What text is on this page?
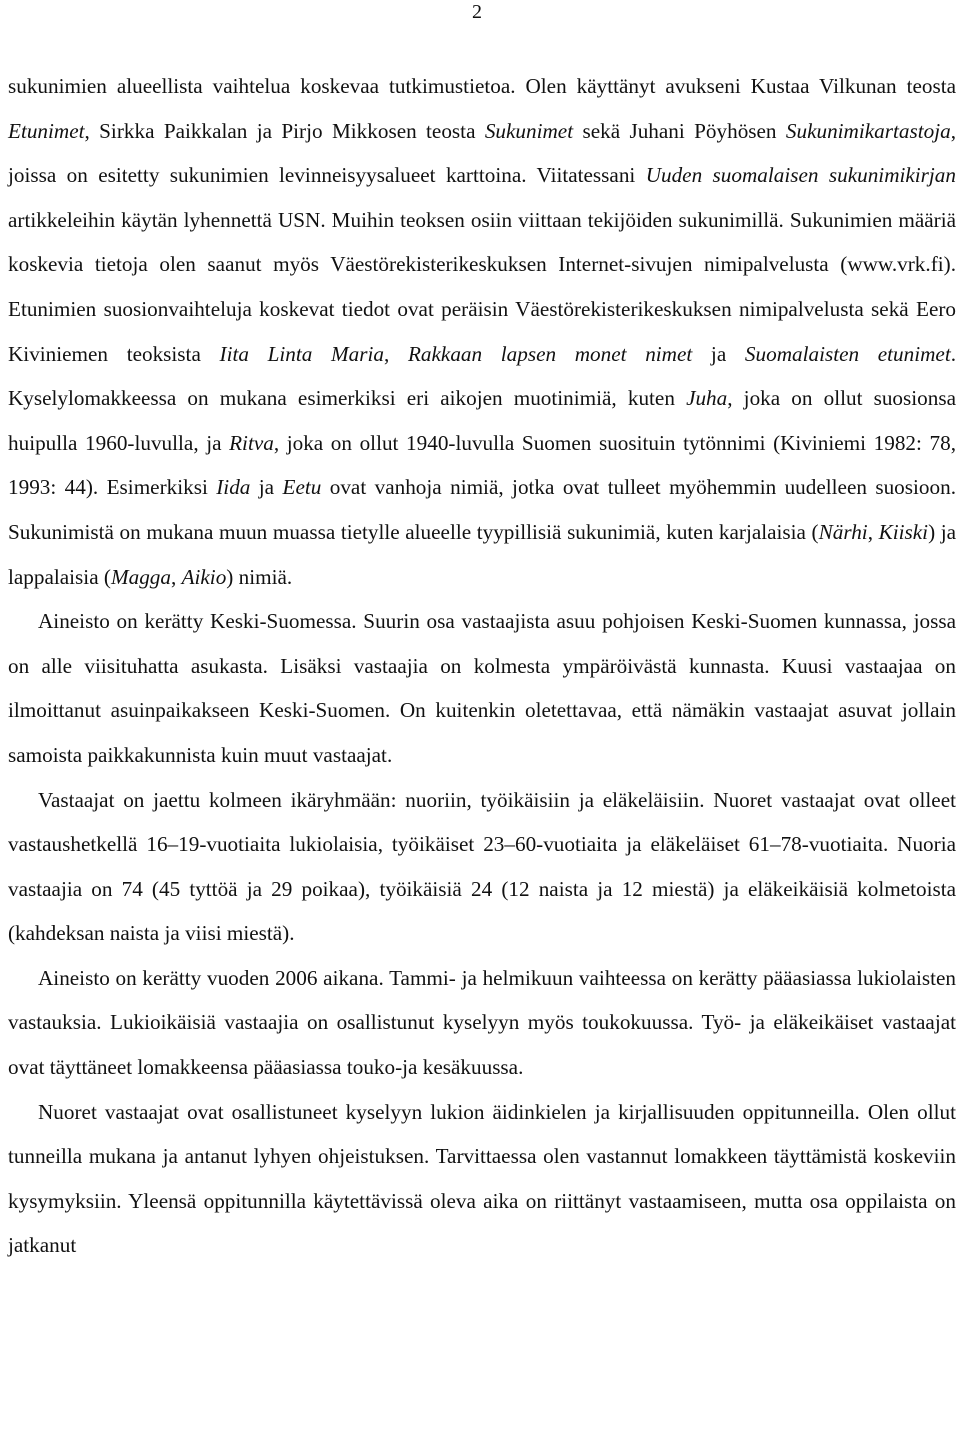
2

sukunimien alueellista vaihtelua koskevaa tutkimustietoa. Olen käyttänyt avukseni Kustaa Vilkunan teosta Etunimet, Sirkka Paikkalan ja Pirjo Mikkosen teosta Sukunimet sekä Juhani Pöyhösen Sukunimikartastoja, joissa on esitetty sukunimien levinneisyysalueet karttoina. Viitatessani Uuden suomalaisen sukunimikirjan artikkeleihin käytän lyhennettä USN. Muihin teoksen osiin viittaan tekijöiden sukunimillä. Sukunimien määriä koskevia tietoja olen saanut myös Väestörekisterikeskuksen Internet-sivujen nimipalvelusta (www.vrk.fi). Etunimien suosionvaihteluja koskevat tiedot ovat peräisin Väestörekisterikeskuksen nimipalvelusta sekä Eero Kiviniemen teoksista Iita Linta Maria, Rakkaan lapsen monet nimet ja Suomalaisten etunimet. Kyselylomakkeessa on mukana esimerkiksi eri aikojen muotinimiä, kuten Juha, joka on ollut suosionsa huipulla 1960-luvulla, ja Ritva, joka on ollut 1940-luvulla Suomen suosituin tytönnimi (Kiviniemi 1982: 78, 1993: 44). Esimerkiksi Iida ja Eetu ovat vanhoja nimiä, jotka ovat tulleet myöhemmin uudelleen suosioon. Sukunimistä on mukana muun muassa tietylle alueelle tyypillisiä sukunimiä, kuten karjalaisia (Närhi, Kiiski) ja lappalaisia (Magga, Aikio) nimiä.

Aineisto on kerätty Keski-Suomessa. Suurin osa vastaajista asuu pohjoisen Keski-Suomen kunnassa, jossa on alle viisituhatta asukasta. Lisäksi vastaajia on kolmesta ympäröivästä kunnasta. Kuusi vastaajaa on ilmoittanut asuinpaikakseen Keski-Suomen. On kuitenkin oletettavaa, että nämäkin vastaajat asuvat jollain samoista paikkakunnista kuin muut vastaajat.

Vastaajat on jaettu kolmeen ikäryhmään: nuoriin, työikäisiin ja eläkeläisiin. Nuoret vastaajat ovat olleet vastaushetkellä 16–19-vuotiaita lukiolaisia, työikäiset 23–60-vuotiaita ja eläkeläiset 61–78-vuotiaita. Nuoria vastaajia on 74 (45 tyttöä ja 29 poikaa), työikäisiä 24 (12 naista ja 12 miestä) ja eläkeikäisiä kolmetoista (kahdeksan naista ja viisi miestä).

Aineisto on kerätty vuoden 2006 aikana. Tammi- ja helmikuun vaihteessa on kerätty pääasiassa lukiolaisten vastauksia. Lukioikäisiä vastaajia on osallistunut kyselyyn myös toukokuussa. Työ- ja eläkeikäiset vastaajat ovat täyttäneet lomakkeensa pääasiassa touko-ja kesäkuussa.

Nuoret vastaajat ovat osallistuneet kyselyyn lukion äidinkielen ja kirjallisuuden oppitunneilla. Olen ollut tunneilla mukana ja antanut lyhyen ohjeistuksen. Tarvittaessa olen vastannut lomakkeen täyttämistä koskeviin kysymyksiin. Yleensä oppitunnilla käytettävissä oleva aika on riittänyt vastaamiseen, mutta osa oppilaista on jatkanut
